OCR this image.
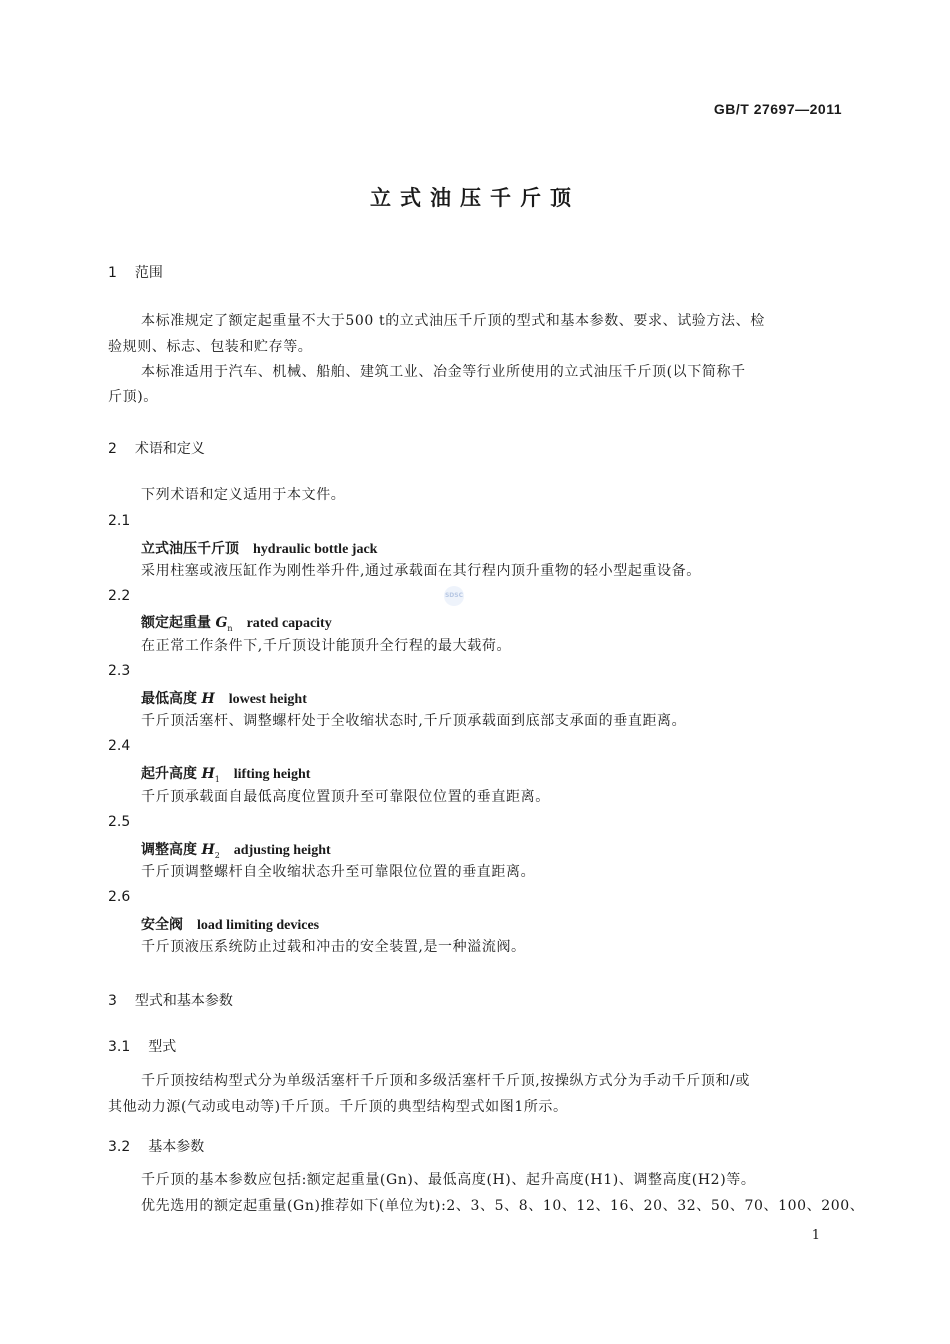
GB/T 27697—2011
立式油压千斤顶
1 范围
本标准规定了额定起重量不大于500 t的立式油压千斤顶的型式和基本参数、要求、试验方法、检
验规则、标志、包装和贮存等。
本标准适用于汽车、机械、船舶、建筑工业、冶金等行业所使用的立式油压千斤顶(以下简称千
斤顶)。
2 术语和定义
下列术语和定义适用于本文件。
2.1
立式油压千斤顶 hydraulic bottle jack
采用柱塞或液压缸作为刚性举升件,通过承载面在其行程内顶升重物的轻小型起重设备。
2.2	SDSC
额定起重量 $G_n$ rated capacity
在正常工作条件下,千斤顶设计能顶升全行程的最大载荷。
2.3
最低高度 H lowest height
千斤顶活塞杆、调整螺杆处于全收缩状态时,千斤顶承载面到底部支承面的垂直距离。
2.4
起升高度 $H_1$ lifting height
千斤顶承载面自最低高度位置顶升至可靠限位位置的垂直距离。
2.5
调整高度 $H_2$ adjusting height
千斤顶调整螺杆自全收缩状态升至可靠限位位置的垂直距离。
2.6
安全阀 load limiting devices
千斤顶液压系统防止过载和冲击的安全装置,是一种溢流阀。
3 型式和基本参数
3.1 型式
千斤顶按结构型式分为单级活塞杆千斤顶和多级活塞杆千斤顶,按操纵方式分为手动千斤顶和/或
其他动力源(气动或电动等)千斤顶。千斤顶的典型结构型式如图1所示。
3.2 基本参数
千斤顶的基本参数应包括:额定起重量(Gn)、最低高度(H)、起升高度(H1)、调整高度(H2)等。
优先选用的额定起重量(Gn)推荐如下(单位为t):2、3、5、8、10、12、16、20、32、50、70、100、200、
1
